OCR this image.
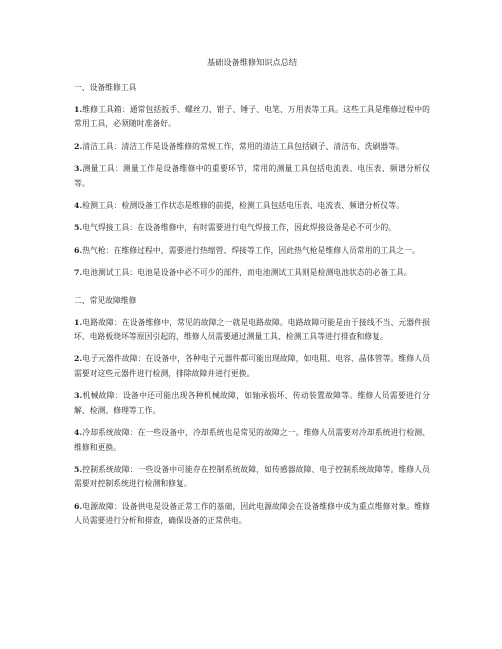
基础设备维修知识点总结
一、设备维修工具

1.维修工具箱：通常包括扳手、螺丝刀、钳子、锤子、电笔、万用表等工具。这些工具是维修过程中的常用工具，必须随时准备好。

2.清洁工具：清洁工作是设备维修的常规工作，常用的清洁工具包括刷子、清洁布、洗刷器等。

3.测量工具：测量工作是设备维修中的重要环节，常用的测量工具包括电流表、电压表、频谱分析仪等。

4.检测工具：检测设备工作状态是维修的前提，检测工具包括电压表、电流表、频谱分析仪等。

5.电气焊接工具：在设备维修中，有时需要进行电气焊接工作，因此焊接设备是必不可少的。

6.热气枪：在维修过程中，需要进行热缩管、焊接等工作，因此热气枪是维修人员常用的工具之一。

7.电池测试工具：电池是设备中必不可少的部件，而电池测试工具则是检测电池状态的必备工具。

二、常见故障维修

1.电路故障：在设备维修中，常见的故障之一就是电路故障。电路故障可能是由于接线不当、元器件损坏、电路板烧坏等原因引起的，维修人员需要通过测量工具、检测工具等进行排查和修复。

2.电子元器件故障：在设备中，各种电子元器件都可能出现故障，如电阻、电容、晶体管等。维修人员需要对这些元器件进行检测，排除故障并进行更换。

3.机械故障：设备中还可能出现各种机械故障，如轴承损坏、传动装置故障等。维修人员需要进行分解、检测、修理等工作。

4.冷却系统故障：在一些设备中，冷却系统也是常见的故障之一。维修人员需要对冷却系统进行检测、维修和更换。

5.控制系统故障：一些设备中可能存在控制系统故障，如传感器故障、电子控制系统故障等。维修人员需要对控制系统进行检测和修复。

6.电源故障：设备供电是设备正常工作的基础，因此电源故障会在设备维修中成为重点维修对象。维修人员需要进行分析和排查，确保设备的正常供电。
